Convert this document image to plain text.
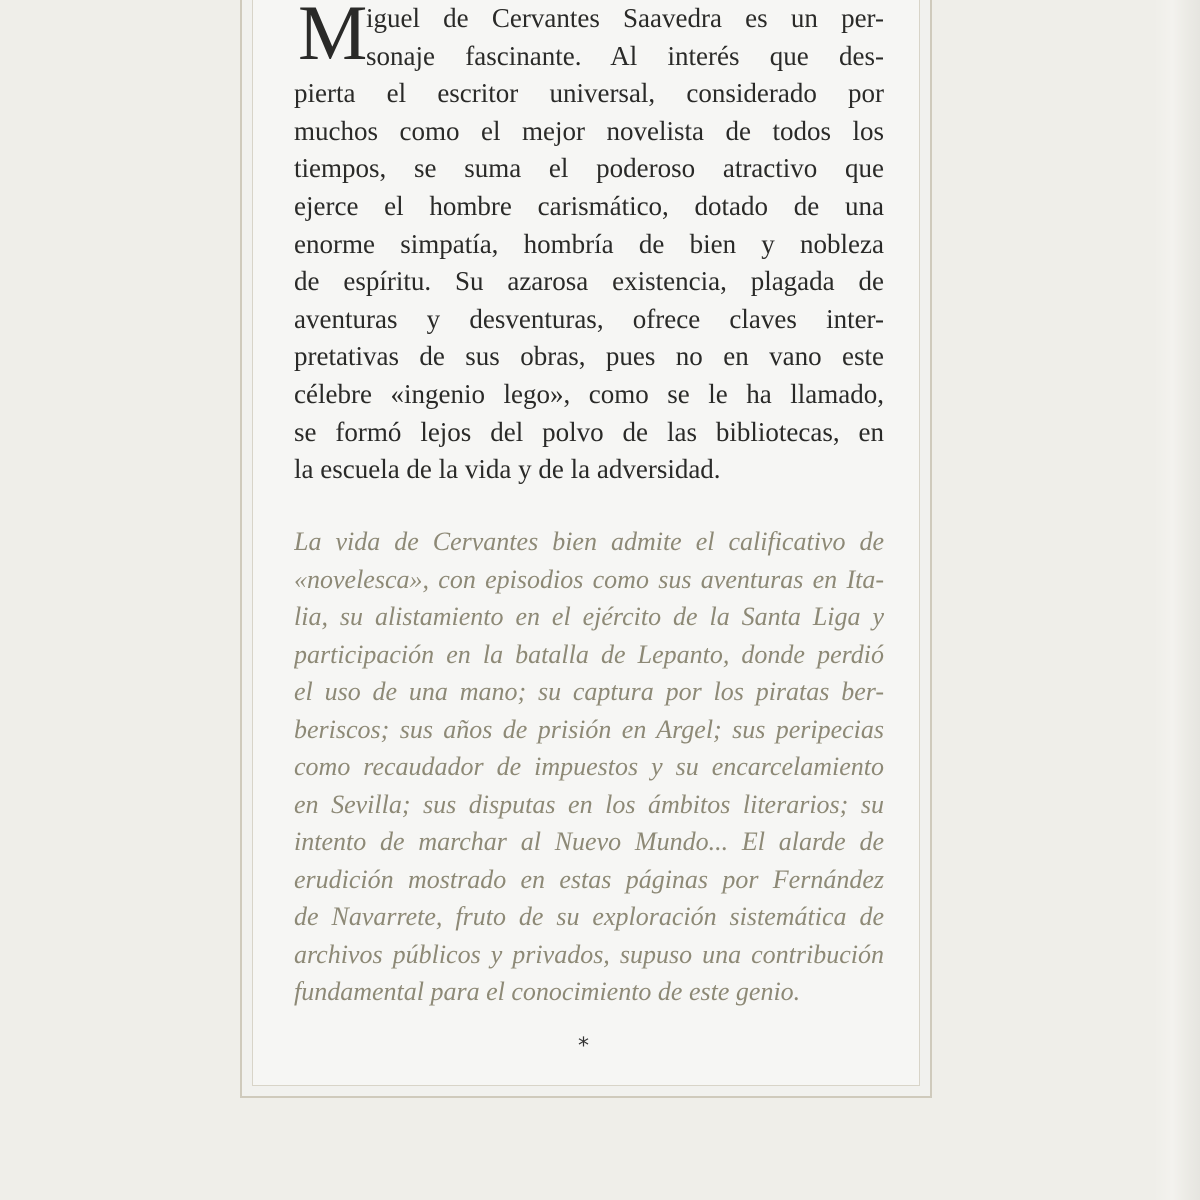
M
iguel de Cervantes Saavedra es un per-
sonaje fascinante. Al interés que des-
pierta el escritor universal, considerado por
muchos como el mejor novelista de todos los
tiempos, se suma el poderoso atractivo que
ejerce el hombre carismático, dotado de una
enorme simpatía, hombría de bien y nobleza
de espíritu. Su azarosa existencia, plagada de
aventuras y desventuras, ofrece claves inter-
pretativas de sus obras, pues no en vano este
célebre «ingenio lego», como se le ha llamado,
se formó lejos del polvo de las bibliotecas, en
la escuela de la vida y de la adversidad.
La vida de Cervantes bien admite el calificativo de
«novelesca», con episodios como sus aventuras en Ita-
lia, su alistamiento en el ejército de la Santa Liga y
participación en la batalla de Lepanto, donde perdió
el uso de una mano; su captura por los piratas ber-
beriscos; sus años de prisión en Argel; sus peripecias
como recaudador de impuestos y su encarcelamiento
en Sevilla; sus disputas en los ámbitos literarios; su
intento de marchar al Nuevo Mundo... El alarde de
erudición mostrado en estas páginas por Fernández
de Navarrete, fruto de su exploración sistemática de
archivos públicos y privados, supuso una contribución
fundamental para el conocimiento de este genio.
*
